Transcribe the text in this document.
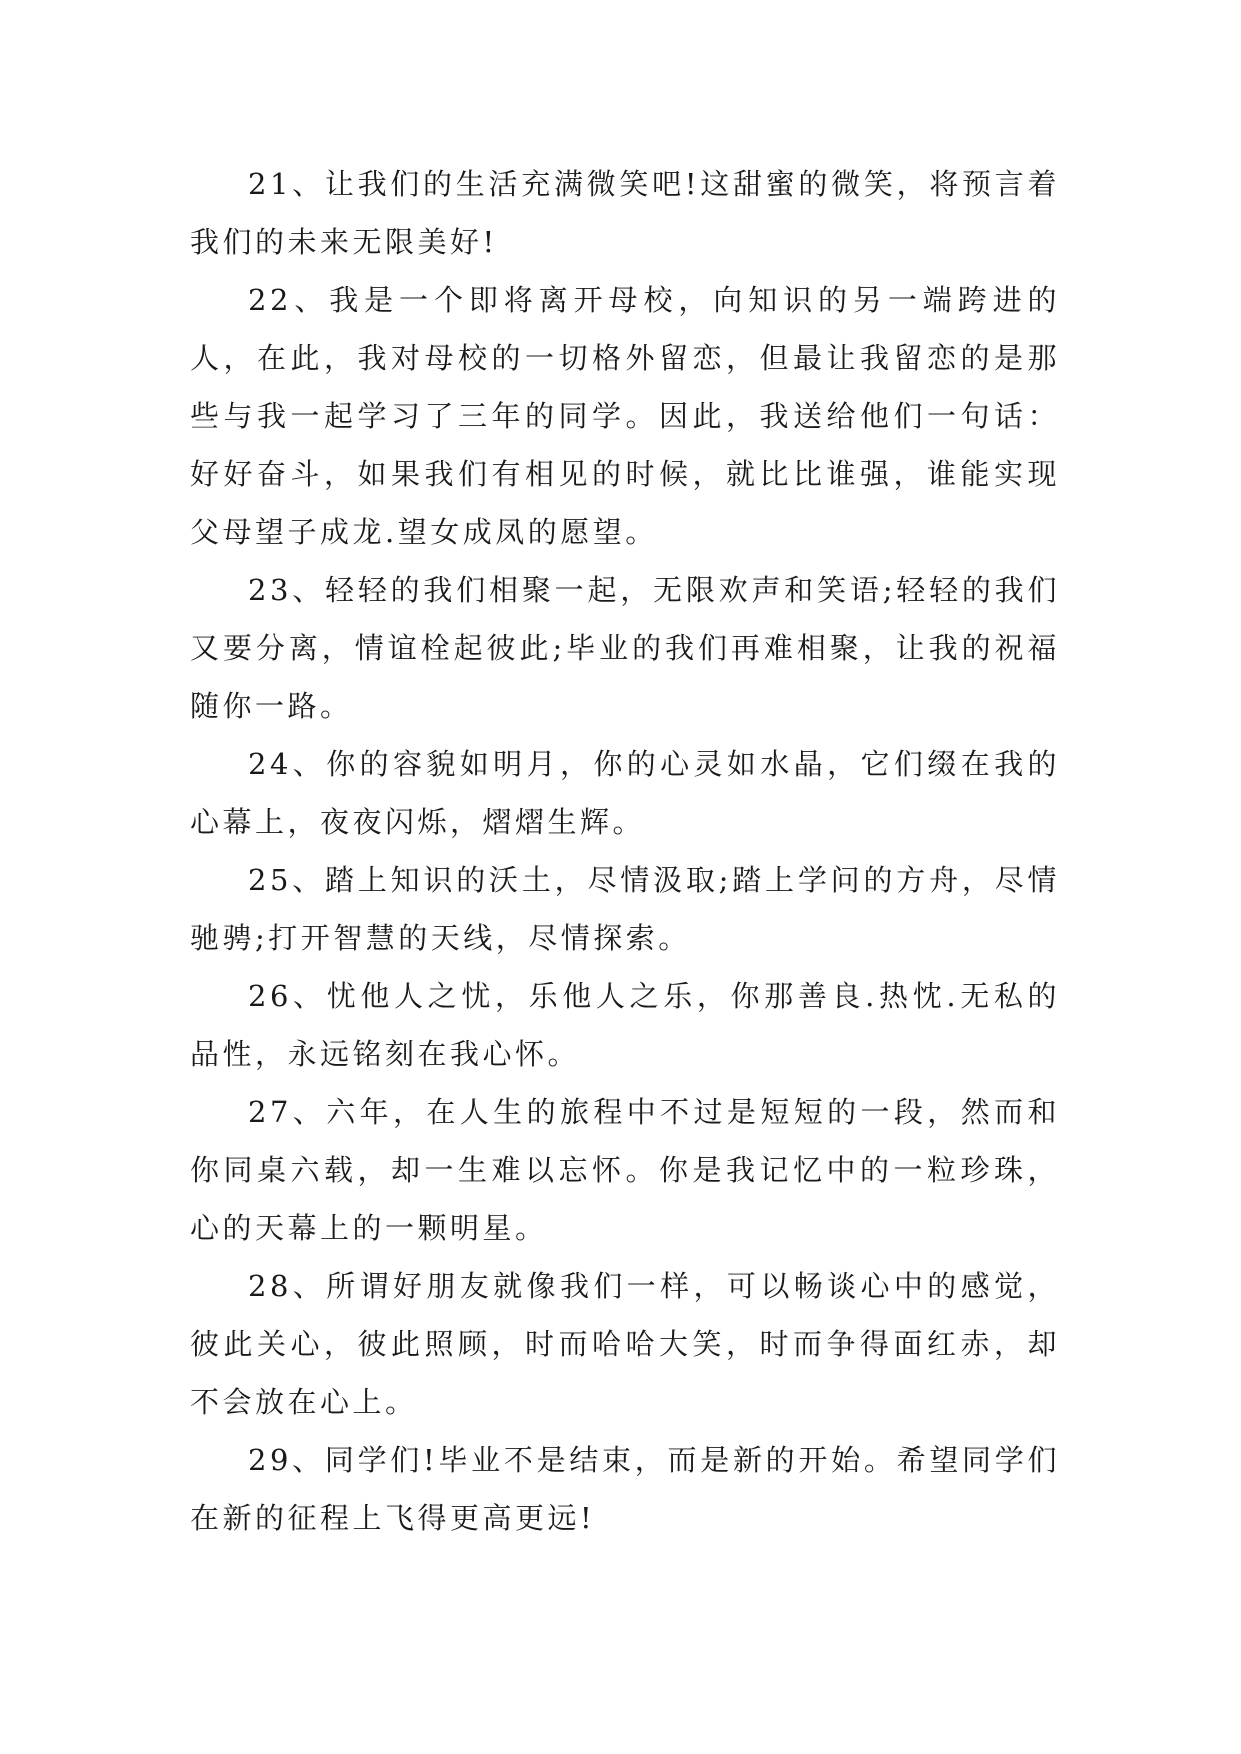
21、让我们的生活充满微笑吧!这甜蜜的微笑，将预言着我们的未来无限美好!

22、我是一个即将离开母校，向知识的另一端跨进的人，在此，我对母校的一切格外留恋，但最让我留恋的是那些与我一起学习了三年的同学。因此，我送给他们一句话：好好奋斗，如果我们有相见的时候，就比比谁强，谁能实现父母望子成龙.望女成凤的愿望。

23、轻轻的我们相聚一起，无限欢声和笑语;轻轻的我们又要分离，情谊栓起彼此;毕业的我们再难相聚，让我的祝福随你一路。

24、你的容貌如明月，你的心灵如水晶，它们缀在我的心幕上，夜夜闪烁，熠熠生辉。

25、踏上知识的沃土，尽情汲取;踏上学问的方舟，尽情驰骋;打开智慧的天线，尽情探索。

26、忧他人之忧，乐他人之乐，你那善良.热忱.无私的品性，永远铭刻在我心怀。

27、六年，在人生的旅程中不过是短短的一段，然而和你同桌六载，却一生难以忘怀。你是我记忆中的一粒珍珠，心的天幕上的一颗明星。

28、所谓好朋友就像我们一样，可以畅谈心中的感觉，彼此关心，彼此照顾，时而哈哈大笑，时而争得面红赤，却不会放在心上。

29、同学们!毕业不是结束，而是新的开始。希望同学们在新的征程上飞得更高更远!
